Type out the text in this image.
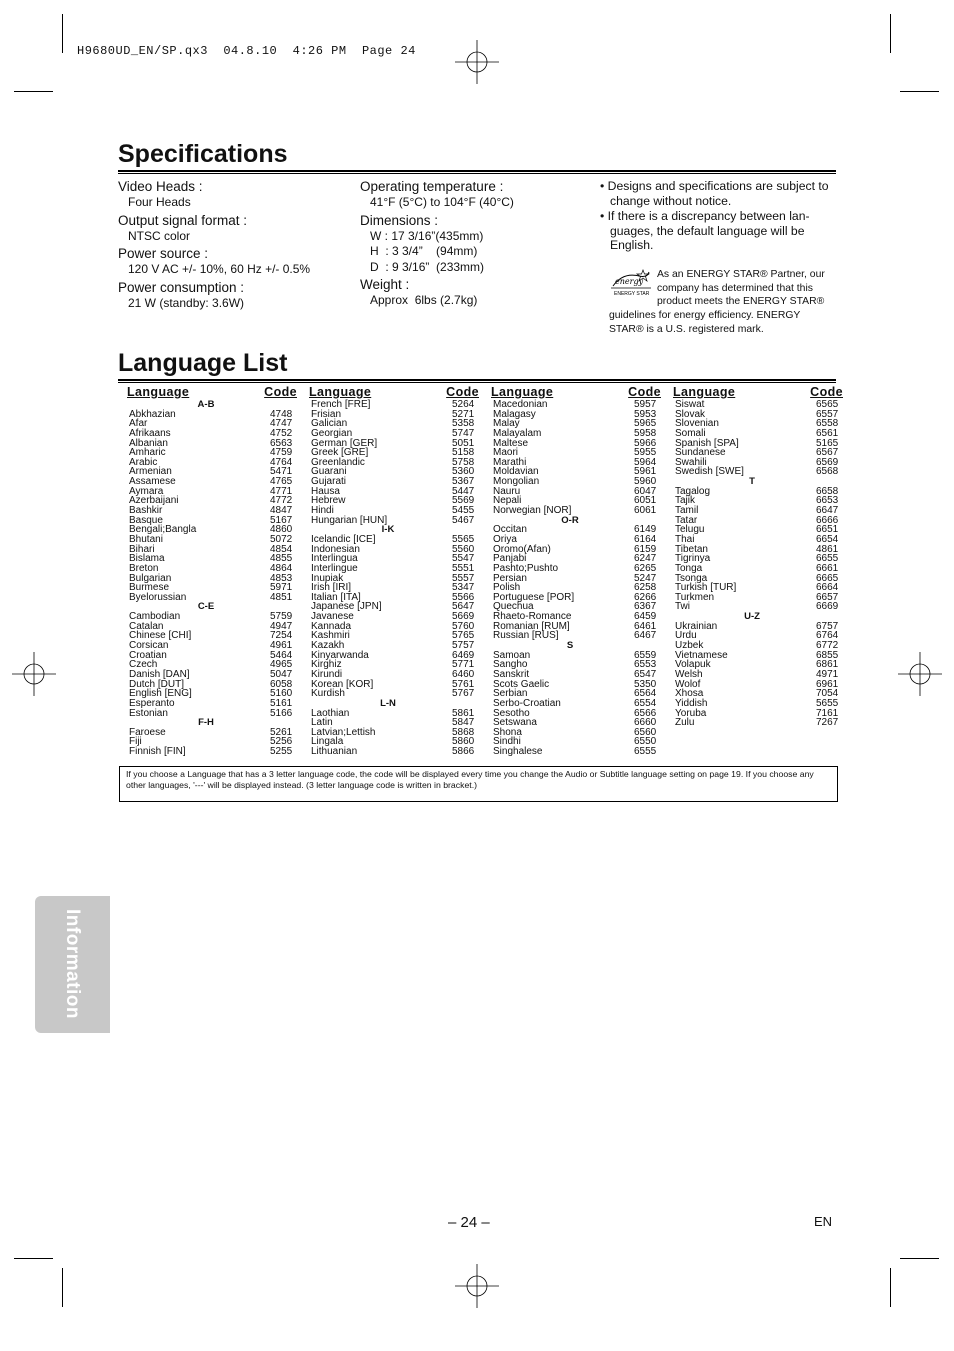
H9680UD_EN/SP.qx3  04.8.10  4:26 PM  Page 24
Specifications
Video Heads :
Four Heads
Output signal format :
NTSC color
Power source :
120 V AC +/- 10%, 60 Hz +/- 0.5%
Power consumption :
21 W (standby: 3.6W)
Operating temperature :
41°F (5°C) to 104°F (40°C)
Dimensions :
W : 17 3/16”(435mm)
H  : 3 3/4”    (94mm)
D  : 9 3/16”  (233mm)
Weight :
Approx  6lbs (2.7kg)
• Designs and specifications are subject to change without notice.
• If there is a discrepancy between lan-guages, the default language will be English.
energy
ENERGY STAR
As an ENERGY STAR® Partner, our company has determined that this product meets the ENERGY STAR® guidelines for energy efficiency. ENERGY STAR® is a U.S. registered mark.
Language List
Language	Code
A-B
Abkhazian	4748
Afar	4747
Afrikaans	4752
Albanian	6563
Amharic	4759
Arabic	4764
Armenian	5471
Assamese	4765
Aymara	4771
Azerbaijani	4772
Bashkir	4847
Basque	5167
Bengali;Bangla	4860
Bhutani	5072
Bihari	4854
Bislama	4855
Breton	4864
Bulgarian	4853
Burmese	5971
Byelorussian	4851
C-E
Cambodian	5759
Catalan	4947
Chinese [CHI]	7254
Corsican	4961
Croatian	5464
Czech	4965
Danish [DAN]	5047
Dutch [DUT]	6058
English [ENG]	5160
Esperanto	5161
Estonian	5166
F-H
Faroese	5261
Fiji	5256
Finnish [FIN]	5255
Language	Code
French [FRE]	5264
Frisian	5271
Galician	5358
Georgian	5747
German [GER]	5051
Greek [GRE]	5158
Greenlandic	5758
Guarani	5360
Gujarati	5367
Hausa	5447
Hebrew	5569
Hindi	5455
Hungarian [HUN]	5467
I-K
Icelandic [ICE]	5565
Indonesian	5560
Interlingua	5547
Interlingue	5551
Inupiak	5557
Irish [IRI]	5347
Italian [ITA]	5566
Japanese [JPN]	5647
Javanese	5669
Kannada	5760
Kashmiri	5765
Kazakh	5757
Kinyarwanda	6469
Kirghiz	5771
Kirundi	6460
Korean [KOR]	5761
Kurdish	5767
L-N
Laothian	5861
Latin	5847
Latvian;Lettish	5868
Lingala	5860
Lithuanian	5866
Language	Code
Macedonian	5957
Malagasy	5953
Malay	5965
Malayalam	5958
Maltese	5966
Maori	5955
Marathi	5964
Moldavian	5961
Mongolian	5960
Nauru	6047
Nepali	6051
Norwegian [NOR]	6061
O-R
Occitan	6149
Oriya	6164
Oromo(Afan)	6159
Panjabi	6247
Pashto;Pushto	6265
Persian	5247
Polish	6258
Portuguese [POR]	6266
Quechua	6367
Rhaeto-Romance	6459
Romanian [RUM]	6461
Russian [RUS]	6467
S
Samoan	6559
Sangho	6553
Sanskrit	6547
Scots Gaelic	5350
Serbian	6564
Serbo-Croatian	6554
Sesotho	6566
Setswana	6660
Shona	6560
Sindhi	6550
Singhalese	6555
Language	Code
Siswat	6565
Slovak	6557
Slovenian	6558
Somali	6561
Spanish [SPA]	5165
Sundanese	6567
Swahili	6569
Swedish [SWE]	6568
T
Tagalog	6658
Tajik	6653
Tamil	6647
Tatar	6666
Telugu	6651
Thai	6654
Tibetan	4861
Tigrinya	6655
Tonga	6661
Tsonga	6665
Turkish [TUR]	6664
Turkmen	6657
Twi	6669
U-Z
Ukrainian	6757
Urdu	6764
Uzbek	6772
Vietnamese	6855
Volapuk	6861
Welsh	4971
Wolof	6961
Xhosa	7054
Yiddish	5655
Yoruba	7161
Zulu	7267
If you choose a Language that has a 3 letter language code, the code will be displayed every time you change the Audio or Subtitle language setting on page 19. If you choose any other languages, '---' will be displayed instead. (3 letter language code is written in bracket.)
Information
– 24 –	EN
